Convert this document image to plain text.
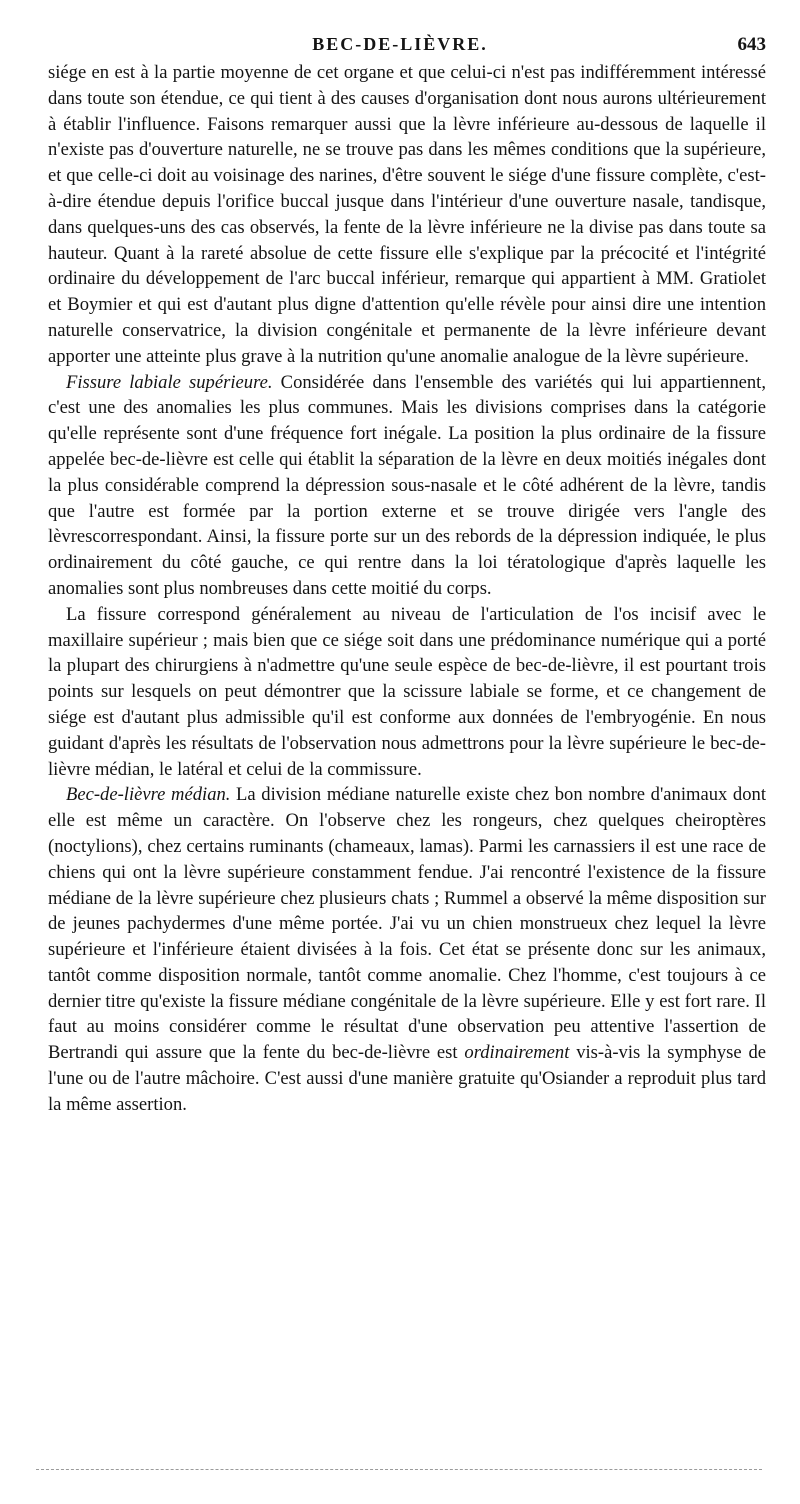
BEC-DE-LIÈVRE.	643

siége en est à la partie moyenne de cet organe et que celui-ci n'est pas indifféremment intéressé dans toute son étendue, ce qui tient à des causes d'organisation dont nous aurons ultérieurement à établir l'influence. Faisons remarquer aussi que la lèvre inférieure au-dessous de laquelle il n'existe pas d'ouverture naturelle, ne se trouve pas dans les mêmes conditions que la supérieure, et que celle-ci doit au voisinage des narines, d'être souvent le siége d'une fissure complète, c'est-à-dire étendue depuis l'orifice buccal jusque dans l'intérieur d'une ouverture nasale, tandisque, dans quelques-uns des cas observés, la fente de la lèvre inférieure ne la divise pas dans toute sa hauteur. Quant à la rareté absolue de cette fissure elle s'explique par la précocité et l'intégrité ordinaire du développement de l'arc buccal inférieur, remarque qui appartient à MM. Gratiolet et Boymier et qui est d'autant plus digne d'attention qu'elle révèle pour ainsi dire une intention naturelle conservatrice, la division congénitale et permanente de la lèvre inférieure devant apporter une atteinte plus grave à la nutrition qu'une anomalie analogue de la lèvre supérieure.

Fissure labiale supérieure. Considérée dans l'ensemble des variétés qui lui appartiennent, c'est une des anomalies les plus communes. Mais les divisions comprises dans la catégorie qu'elle représente sont d'une fréquence fort inégale. La position la plus ordinaire de la fissure appelée bec-de-lièvre est celle qui établit la séparation de la lèvre en deux moitiés inégales dont la plus considérable comprend la dépression sous-nasale et le côté adhérent de la lèvre, tandis que l'autre est formée par la portion externe et se trouve dirigée vers l'angle des lèvrescorrespondant. Ainsi, la fissure porte sur un des rebords de la dépression indiquée, le plus ordinairement du côté gauche, ce qui rentre dans la loi tératologique d'après laquelle les anomalies sont plus nombreuses dans cette moitié du corps.

La fissure correspond généralement au niveau de l'articulation de l'os incisif avec le maxillaire supérieur ; mais bien que ce siége soit dans une prédominance numérique qui a porté la plupart des chirurgiens à n'admettre qu'une seule espèce de bec-de-lièvre, il est pourtant trois points sur lesquels on peut démontrer que la scissure labiale se forme, et ce changement de siége est d'autant plus admissible qu'il est conforme aux données de l'embryogénie. En nous guidant d'après les résultats de l'observation nous admettrons pour la lèvre supérieure le bec-de-lièvre médian, le latéral et celui de la commissure.

Bec-de-lièvre médian. La division médiane naturelle existe chez bon nombre d'animaux dont elle est même un caractère. On l'observe chez les rongeurs, chez quelques cheiroptères (noctylions), chez certains ruminants (chameaux, lamas). Parmi les carnassiers il est une race de chiens qui ont la lèvre supérieure constamment fendue. J'ai rencontré l'existence de la fissure médiane de la lèvre supérieure chez plusieurs chats ; Rummel a observé la même disposition sur de jeunes pachydermes d'une même portée. J'ai vu un chien monstrueux chez lequel la lèvre supérieure et l'inférieure étaient divisées à la fois. Cet état se présente donc sur les animaux, tantôt comme disposition normale, tantôt comme anomalie. Chez l'homme, c'est toujours à ce dernier titre qu'existe la fissure médiane congénitale de la lèvre supérieure. Elle y est fort rare. Il faut au moins considérer comme le résultat d'une observation peu attentive l'assertion de Bertrandi qui assure que la fente du bec-de-lièvre est ordinairement vis-à-vis la symphyse de l'une ou de l'autre mâchoire. C'est aussi d'une manière gratuite qu'Osiander a reproduit plus tard la même assertion.
